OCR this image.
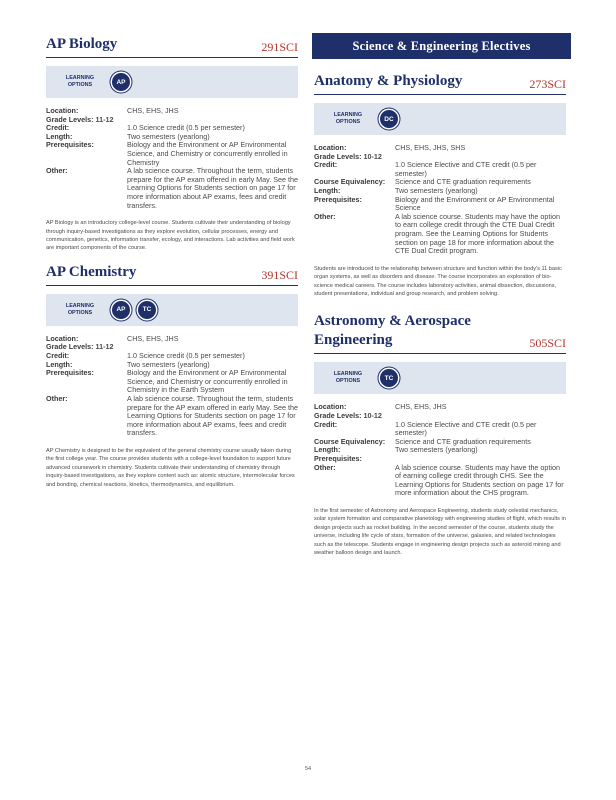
AP Biology	291SCI
LEARNING OPTIONS	AP
Location:	CHS, EHS, JHS
Grade Levels: 11-12
Credit:	1.0 Science credit (0.5 per semester)
Length:	Two semesters (yearlong)
Prerequisites:	Biology and the Environment or AP Environmental Science, and Chemistry or concurrently enrolled in Chemistry
Other:	A lab science course. Throughout the term, students prepare for the AP exam offered in early May. See the Learning Options for Students section on page 17 for more information about AP exams, fees and credit transfers.

AP Biology is an introductory college-level course. Students cultivate their understanding of biology through inquiry-based investigations as they explore evolution, cellular processes, energy and communication, genetics, information transfer, ecology, and interactions. Lab activities and field work are important components of the course.

AP Chemistry	391SCI
LEARNING OPTIONS	AP	TC
Location:	CHS, EHS, JHS
Grade Levels: 11-12
Credit:	1.0 Science credit (0.5 per semester)
Length:	Two semesters (yearlong)
Prerequisites:	Biology and the Environment or AP Environmental Science, and Chemistry or concurrently enrolled in Chemistry in the Earth System
Other:	A lab science course. Throughout the term, students prepare for the AP exam offered in early May. See the Learning Options for Students section on page 17 for more information about AP exams, fees and credit transfers.

AP Chemistry is designed to be the equivalent of the general chemistry course usually taken during the first college year. The course provides students with a college-level foundation to support future advanced coursework in chemistry. Students cultivate their understanding of chemistry through inquiry-based investigations, as they explore content such as: atomic structure, intermolecular forces and bonding, chemical reactions, kinetics, thermodynamics, and equilibrium.

Science & Engineering Electives
Anatomy & Physiology	273SCI
LEARNING OPTIONS	DC
Location:	CHS, EHS, JHS, SHS
Grade Levels: 10-12
Credit:	1.0 Science Elective and CTE credit (0.5 per semester)
Course Equivalency:	Science and CTE graduation requirements
Length:	Two semesters (yearlong)
Prerequisites:	Biology and the Environment or AP Environmental Science
Other:	A lab science course. Students may have the option to earn college credit through the CTE Dual Credit program. See the Learning Options for Students section on page 18 for more information about the CTE Dual Credit program.

Students are introduced to the relationship between structure and function within the body's 11 basic organ systems, as well as disorders and disease. The course incorporates an exploration of bio-science medical careers. The course includes laboratory activities, animal dissection, discussions, student presentations, individual and group research, and problem solving.

Astronomy & Aerospace Engineering	505SCI
LEARNING OPTIONS	TC
Location:	CHS, EHS, JHS
Grade Levels: 10-12
Credit:	1.0 Science Elective and CTE credit (0.5 per semester)
Course Equivalency:	Science and CTE graduation requirements
Length:	Two semesters (yearlong)
Prerequisites:
Other:	A lab science course. Students may have the option of earning college credit through CHS. See the Learning Options for Students section on page 17 for more information about the CHS program.

In the first semester of Astronomy and Aerospace Engineering, students study celestial mechanics, solar system formation and comparative planetology with engineering studies of flight, which results in design projects such as rocket building. In the second semester of the course, students study the universe, including life cycle of stars, formation of the universe, galaxies, and related technologies such as the telescope. Students engage in engineering design projects such as asteroid mining and weather balloon design and launch.

54
